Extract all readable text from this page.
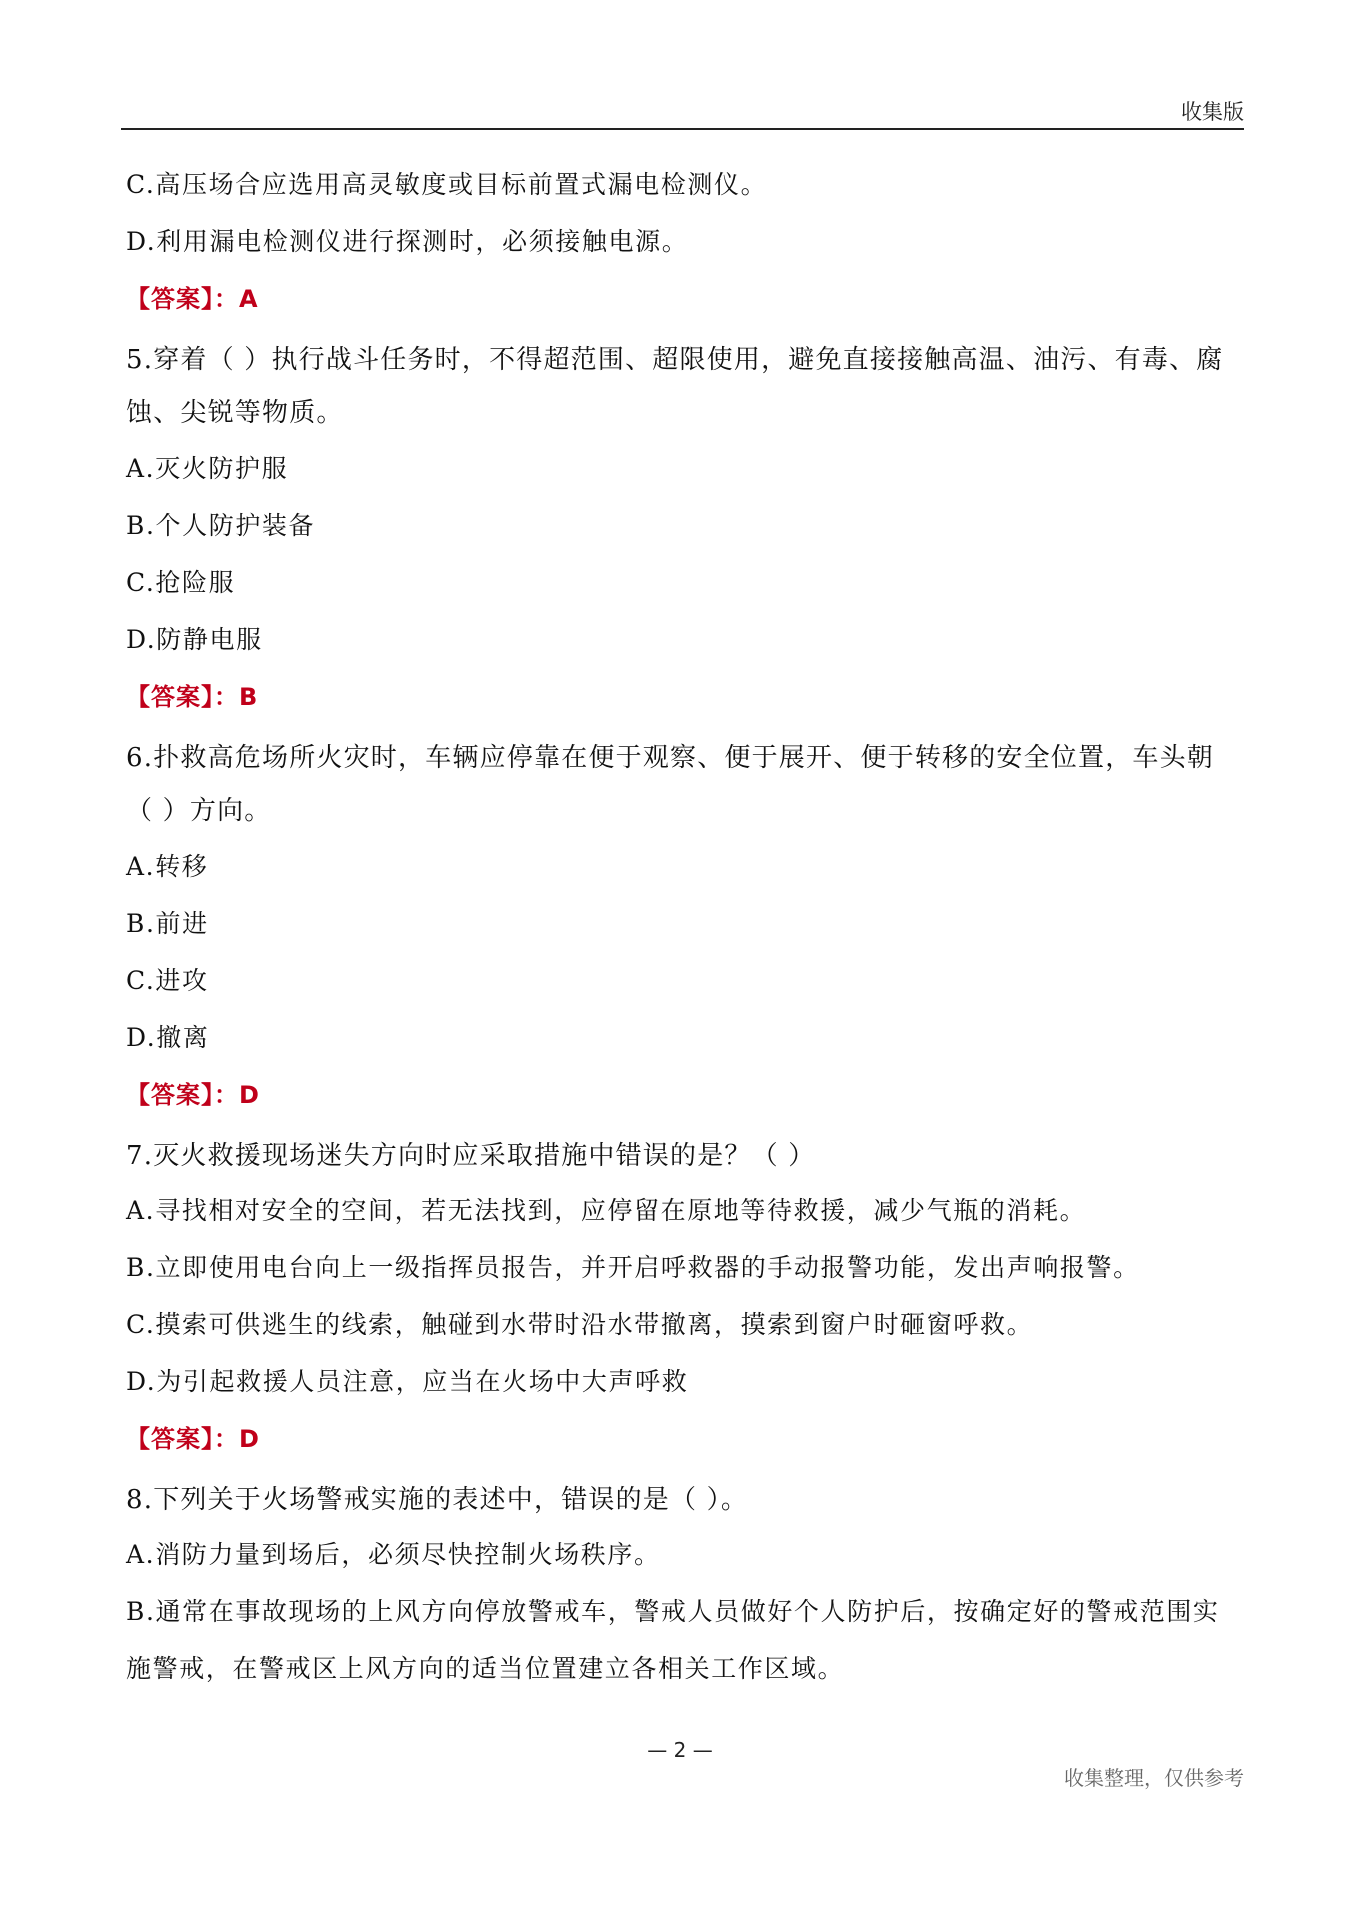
收集版
C.高压场合应选用高灵敏度或目标前置式漏电检测仪。
D.利用漏电检测仪进行探测时，必须接触电源。
【答案】：A
5.穿着（ ）执行战斗任务时，不得超范围、超限使用，避免直接接触高温、油污、有毒、腐
蚀、尖锐等物质。
A.灭火防护服
B.个人防护装备
C.抢险服
D.防静电服
【答案】：B
6.扑救高危场所火灾时，车辆应停靠在便于观察、便于展开、便于转移的安全位置，车头朝
（ ）方向。
A.转移
B.前进
C.进攻
D.撤离
【答案】：D
7.灭火救援现场迷失方向时应采取措施中错误的是？（ ）
A.寻找相对安全的空间，若无法找到，应停留在原地等待救援，减少气瓶的消耗。
B.立即使用电台向上一级指挥员报告，并开启呼救器的手动报警功能，发出声响报警。
C.摸索可供逃生的线索，触碰到水带时沿水带撤离，摸索到窗户时砸窗呼救。
D.为引起救援人员注意，应当在火场中大声呼救
【答案】：D
8.下列关于火场警戒实施的表述中，错误的是（ ）。
A.消防力量到场后，必须尽快控制火场秩序。
B.通常在事故现场的上风方向停放警戒车，警戒人员做好个人防护后，按确定好的警戒范围实
施警戒，在警戒区上风方向的适当位置建立各相关工作区域。
— 2 —
收集整理，仅供参考
